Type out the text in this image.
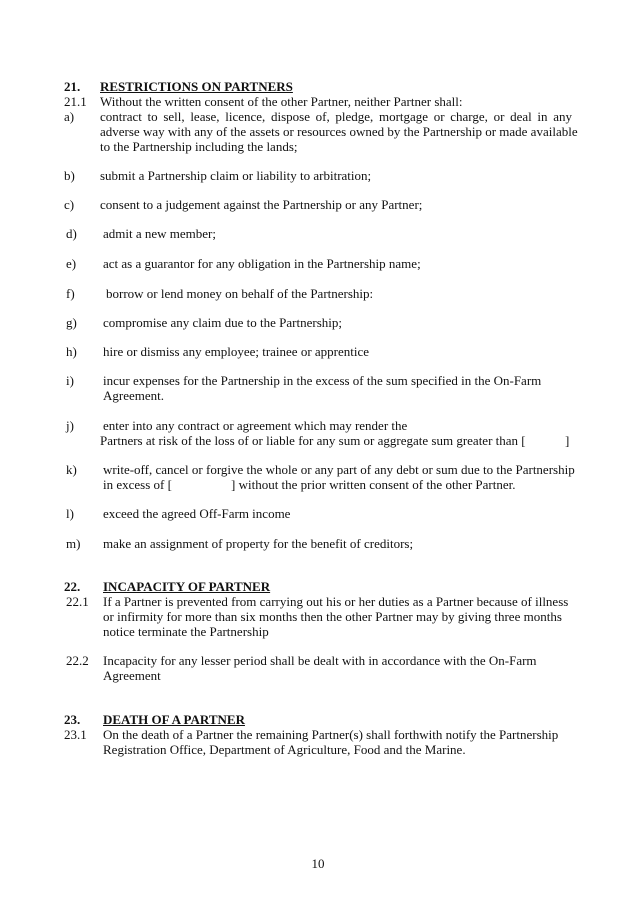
21. RESTRICTIONS ON PARTNERS
21.1 Without the written consent of the other Partner, neither Partner shall:
a) contract to sell, lease, licence, dispose of, pledge, mortgage or charge, or deal in any
adverse way with any of the assets or resources owned by the Partnership or made available
to the Partnership including the lands;
b) submit a Partnership claim or liability to arbitration;
c) consent to a judgement against the Partnership or any Partner;
d) admit a new member;
e) act as a guarantor for any obligation in the Partnership name;
f) borrow or lend money on behalf of the Partnership:
g) compromise any claim due to the Partnership;
h) hire or dismiss any employee; trainee or apprentice
i) incur expenses for the Partnership in the excess of the sum specified in the On-Farm
Agreement.
j) enter into any contract or agreement which may render the
Partners at risk of the loss of or liable for any sum or aggregate sum greater than [	]
k) write-off, cancel or forgive the whole or any part of any debt or sum due to the Partnership
in excess of [	] without the prior written consent of the other Partner.
l) exceed the agreed Off-Farm income
m) make an assignment of property for the benefit of creditors;
22. INCAPACITY OF PARTNER
22.1 If a Partner is prevented from carrying out his or her duties as a Partner because of illness
or infirmity for more than six months then the other Partner may by giving three months
notice terminate the Partnership
22.2 Incapacity for any lesser period shall be dealt with in accordance with the On-Farm
Agreement
23. DEATH OF A PARTNER
23.1 On the death of a Partner the remaining Partner(s) shall forthwith notify the Partnership
Registration Office, Department of Agriculture, Food and the Marine.
10
